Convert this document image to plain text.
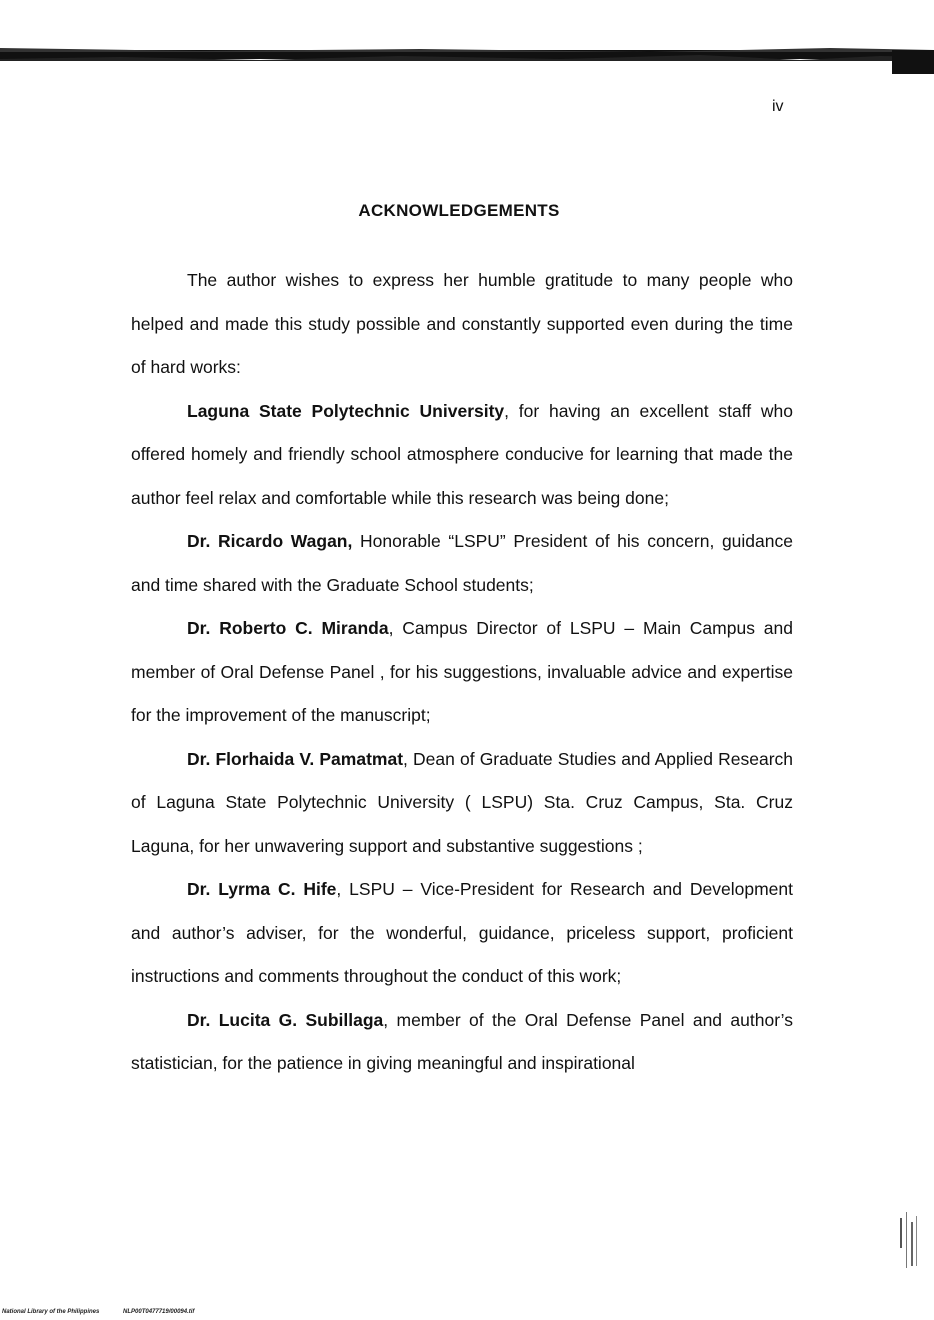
iv
ACKNOWLEDGEMENTS

The author wishes to express her humble gratitude to many people who helped and made this study possible and constantly supported even during the time of hard works:

Laguna State Polytechnic University, for having an excellent staff who offered homely and friendly school atmosphere conducive for learning that made the author feel relax and comfortable while this research was being done;

Dr. Ricardo Wagan, Honorable “LSPU” President of his concern, guidance and time shared with the Graduate School students;

Dr. Roberto C. Miranda, Campus Director of LSPU – Main Campus and member of Oral Defense Panel , for his suggestions, invaluable advice and expertise for the improvement of the manuscript;

Dr. Florhaida V. Pamatmat, Dean of Graduate Studies and Applied Research of Laguna State Polytechnic University ( LSPU) Sta. Cruz Campus, Sta. Cruz Laguna, for her unwavering support and substantive suggestions ;

Dr. Lyrma C. Hife, LSPU – Vice-President for Research and Development and author’s adviser, for the wonderful, guidance, priceless support, proficient instructions and comments throughout the conduct of this work;

Dr. Lucita G. Subillaga, member of the Oral Defense Panel and author’s statistician, for the patience in giving meaningful and inspirational

National Library of the Philippines	NLP00T0477719/00094.tif
